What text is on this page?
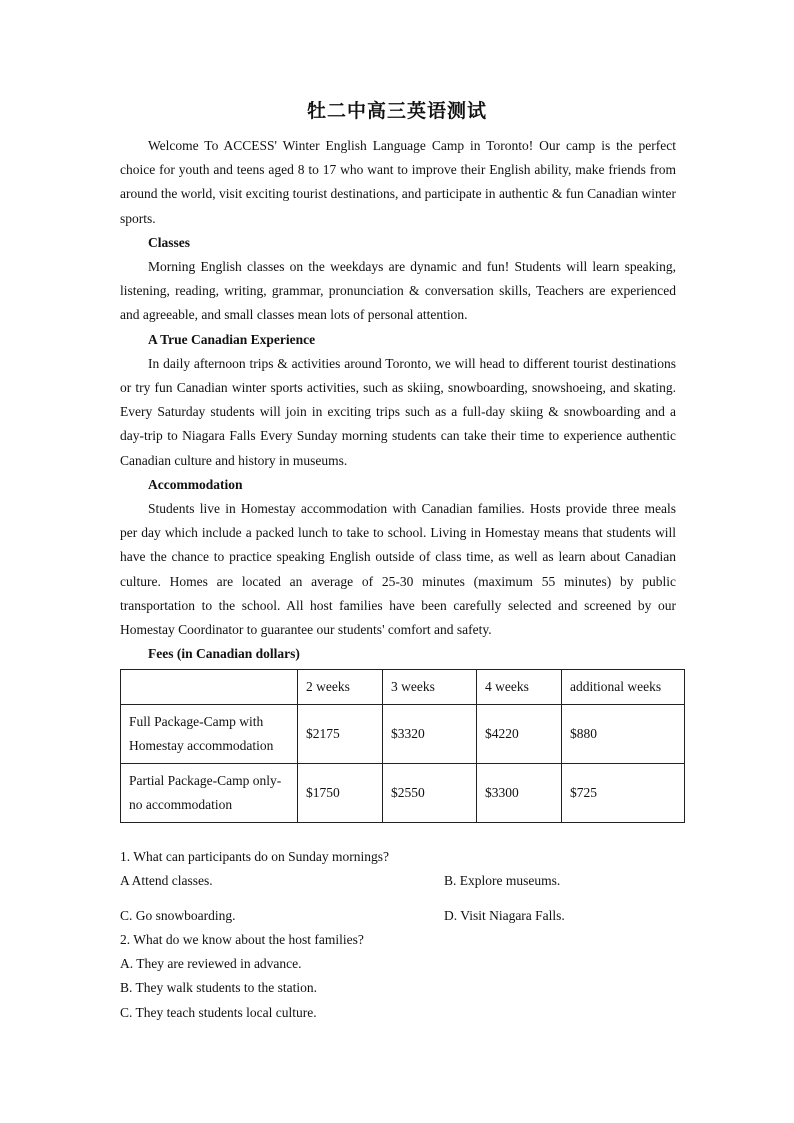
牡二中高三英语测试

Welcome To ACCESS' Winter English Language Camp in Toronto! Our camp is the perfect choice for youth and teens aged 8 to 17 who want to improve their English ability, make friends from around the world, visit exciting tourist destinations, and participate in authentic & fun Canadian winter sports.

Classes

Morning English classes on the weekdays are dynamic and fun! Students will learn speaking, listening, reading, writing, grammar, pronunciation & conversation skills, Teachers are experienced and agreeable, and small classes mean lots of personal attention.

A True Canadian Experience

In daily afternoon trips & activities around Toronto, we will head to different tourist destinations or try fun Canadian winter sports activities, such as skiing, snowboarding, snowshoeing, and skating. Every Saturday students will join in exciting trips such as a full-day skiing & snowboarding and a day-trip to Niagara Falls Every Sunday morning students can take their time to experience authentic Canadian culture and history in museums.

Accommodation

Students live in Homestay accommodation with Canadian families. Hosts provide three meals per day which include a packed lunch to take to school. Living in Homestay means that students will have the chance to practice speaking English outside of class time, as well as learn about Canadian culture. Homes are located an average of 25-30 minutes (maximum 55 minutes) by public transportation to the school. All host families have been carefully selected and screened by our Homestay Coordinator to guarantee our students' comfort and safety.

Fees (in Canadian dollars)

	2 weeks	3 weeks	4 weeks	additional weeks
Full Package-Camp with Homestay accommodation	$2175	$3320	$4220	$880
Partial Package-Camp only-no accommodation	$1750	$2550	$3300	$725

1. What can participants do on Sunday mornings?

A Attend classes.	B. Explore museums.
C. Go snowboarding.	D. Visit Niagara Falls.

2. What do we know about the host families?

A. They are reviewed in advance.

B. They walk students to the station.

C. They teach students local culture.
